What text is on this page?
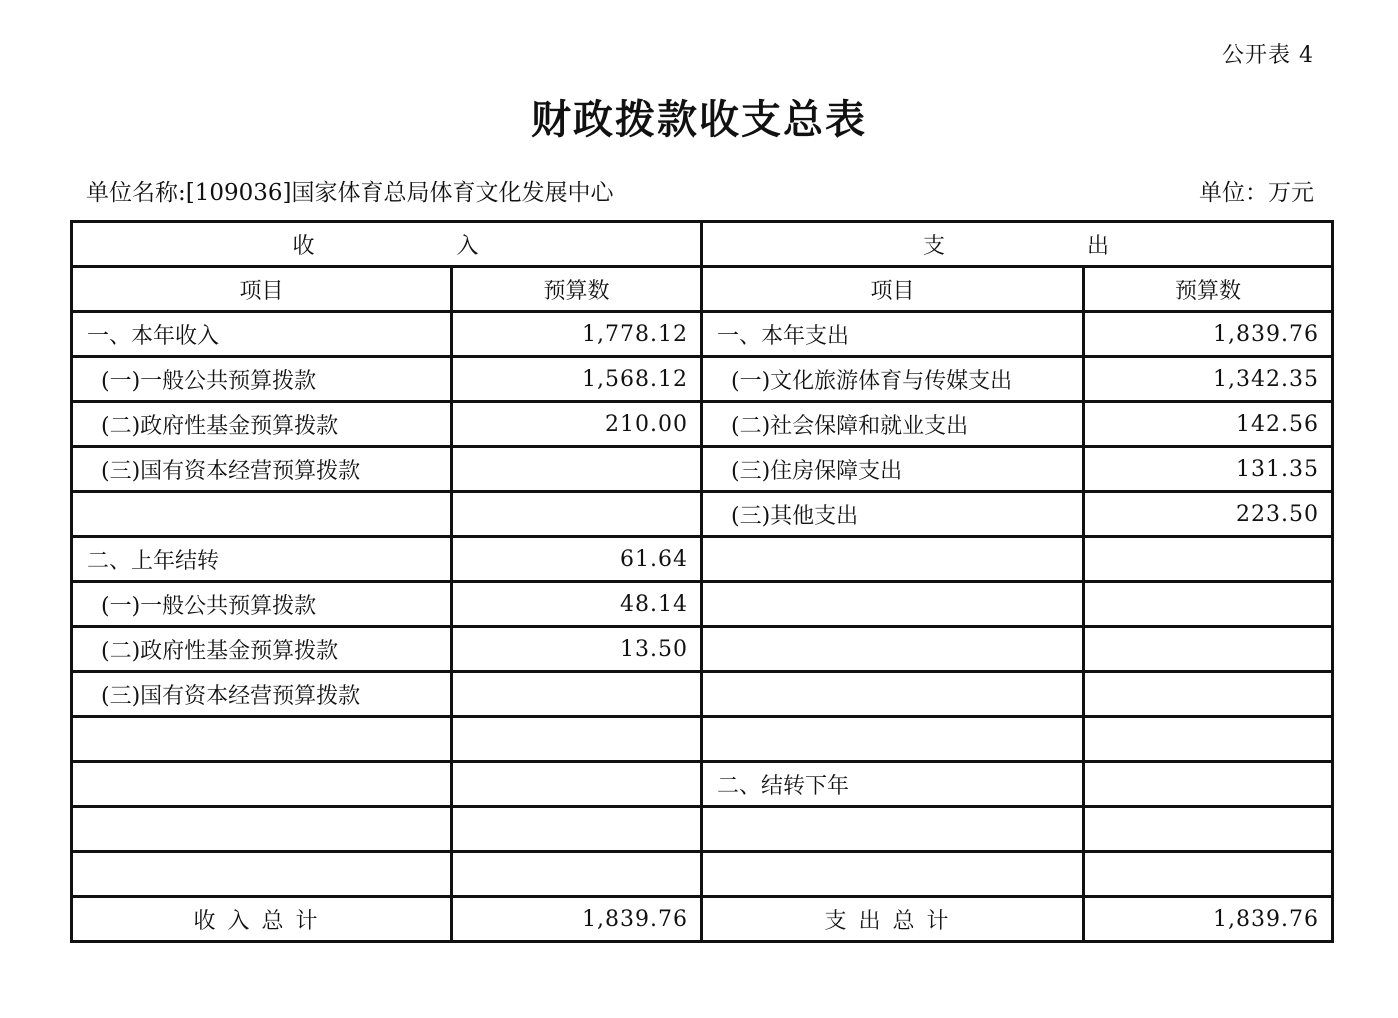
公开表 4
财政拨款收支总表
单位名称:[109036]国家体育总局体育文化发展中心	单位：万元
收 入		支 出	
项目	预算数	项目	预算数
一、本年收入	1,778.12	一、本年支出	1,839.76
(一)一般公共预算拨款	1,568.12	(一)文化旅游体育与传媒支出	1,342.35
(二)政府性基金预算拨款	210.00	(二)社会保障和就业支出	142.56
(三)国有资本经营预算拨款		(三)住房保障支出	131.35
		(三)其他支出	223.50
二、上年结转	61.64		
(一)一般公共预算拨款	48.14		
(二)政府性基金预算拨款	13.50		
(三)国有资本经营预算拨款			

		二、结转下年	

收入总计	1,839.76	支出总计	1,839.76
